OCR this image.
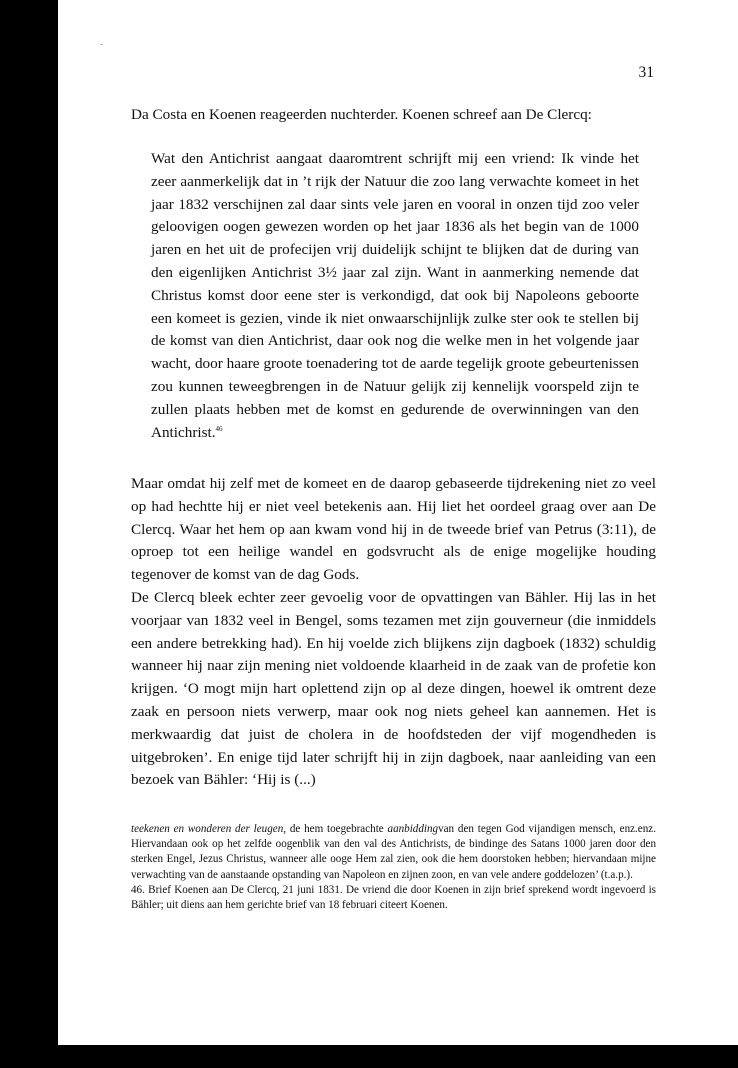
31

Da Costa en Koenen reageerden nuchterder. Koenen schreef aan De Clercq:

Wat den Antichrist aangaat daaromtrent schrijft mij een vriend: Ik vinde het zeer aanmerkelijk dat in ’t rijk der Natuur die zoo lang verwachte komeet in het jaar 1832 verschijnen zal daar sints vele jaren en vooral in onzen tijd zoo veler geloovigen oogen gewezen worden op het jaar 1836 als het begin van de 1000 jaren en het uit de profecijen vrij duidelijk schijnt te blijken dat de during van den eigenlijken Antichrist 3½ jaar zal zijn. Want in aanmerking nemende dat Christus komst door eene ster is verkondigd, dat ook bij Napoleons geboorte een komeet is gezien, vinde ik niet onwaarschijnlijk zulke ster ook te stellen bij de komst van dien Antichrist, daar ook nog die welke men in het volgende jaar wacht, door haare groote toenadering tot de aarde tegelijk groote gebeurtenissen zou kunnen teweegbrengen in de Natuur gelijk zij kennelijk voorspeld zijn te zullen plaats hebben met de komst en gedurende de overwinningen van den Antichrist.$^{46}$

Maar omdat hij zelf met de komeet en de daarop gebaseerde tijdrekening niet zo veel op had hechtte hij er niet veel betekenis aan. Hij liet het oordeel graag over aan De Clercq. Waar het hem op aan kwam vond hij in de tweede brief van Petrus (3:11), de oproep tot een heilige wandel en godsvrucht als de enige mogelijke houding tegenover de komst van de dag Gods.
De Clercq bleek echter zeer gevoelig voor de opvattingen van Bähler. Hij las in het voorjaar van 1832 veel in Bengel, soms tezamen met zijn gouverneur (die inmiddels een andere betrekking had). En hij voelde zich blijkens zijn dagboek (1832) schuldig wanneer hij naar zijn mening niet voldoende klaarheid in de zaak van de profetie kon krijgen. ‘O mogt mijn hart oplettend zijn op al deze dingen, hoewel ik omtrent deze zaak en persoon niets verwerp, maar ook nog niets geheel kan aannemen. Het is merkwaardig dat juist de cholera in de hoofdsteden der vijf mogendheden is uitgebroken’. En enige tijd later schrijft hij in zijn dagboek, naar aanleiding van een bezoek van Bähler: ‘Hij is (...)

teekenen en wonderen der leugen, de hem toegebrachte aanbiddingvan den tegen God vijandigen mensch, enz.enz. Hiervandaan ook op het zelfde oogenblik van den val des Antichrists, de bindinge des Satans 1000 jaren door den sterken Engel, Jezus Christus, wanneer alle ooge Hem zal zien, ook die hem doorstoken hebben; hiervandaan mijne verwachting van de aanstaande opstanding van Napoleon en zijnen zoon, en van vele andere goddelozen’ (t.a.p.).

46. Brief Koenen aan De Clercq, 21 juni 1831. De vriend die door Koenen in zijn brief sprekend wordt ingevoerd is Bähler; uit diens aan hem gerichte brief van 18 februari citeert Koenen.
